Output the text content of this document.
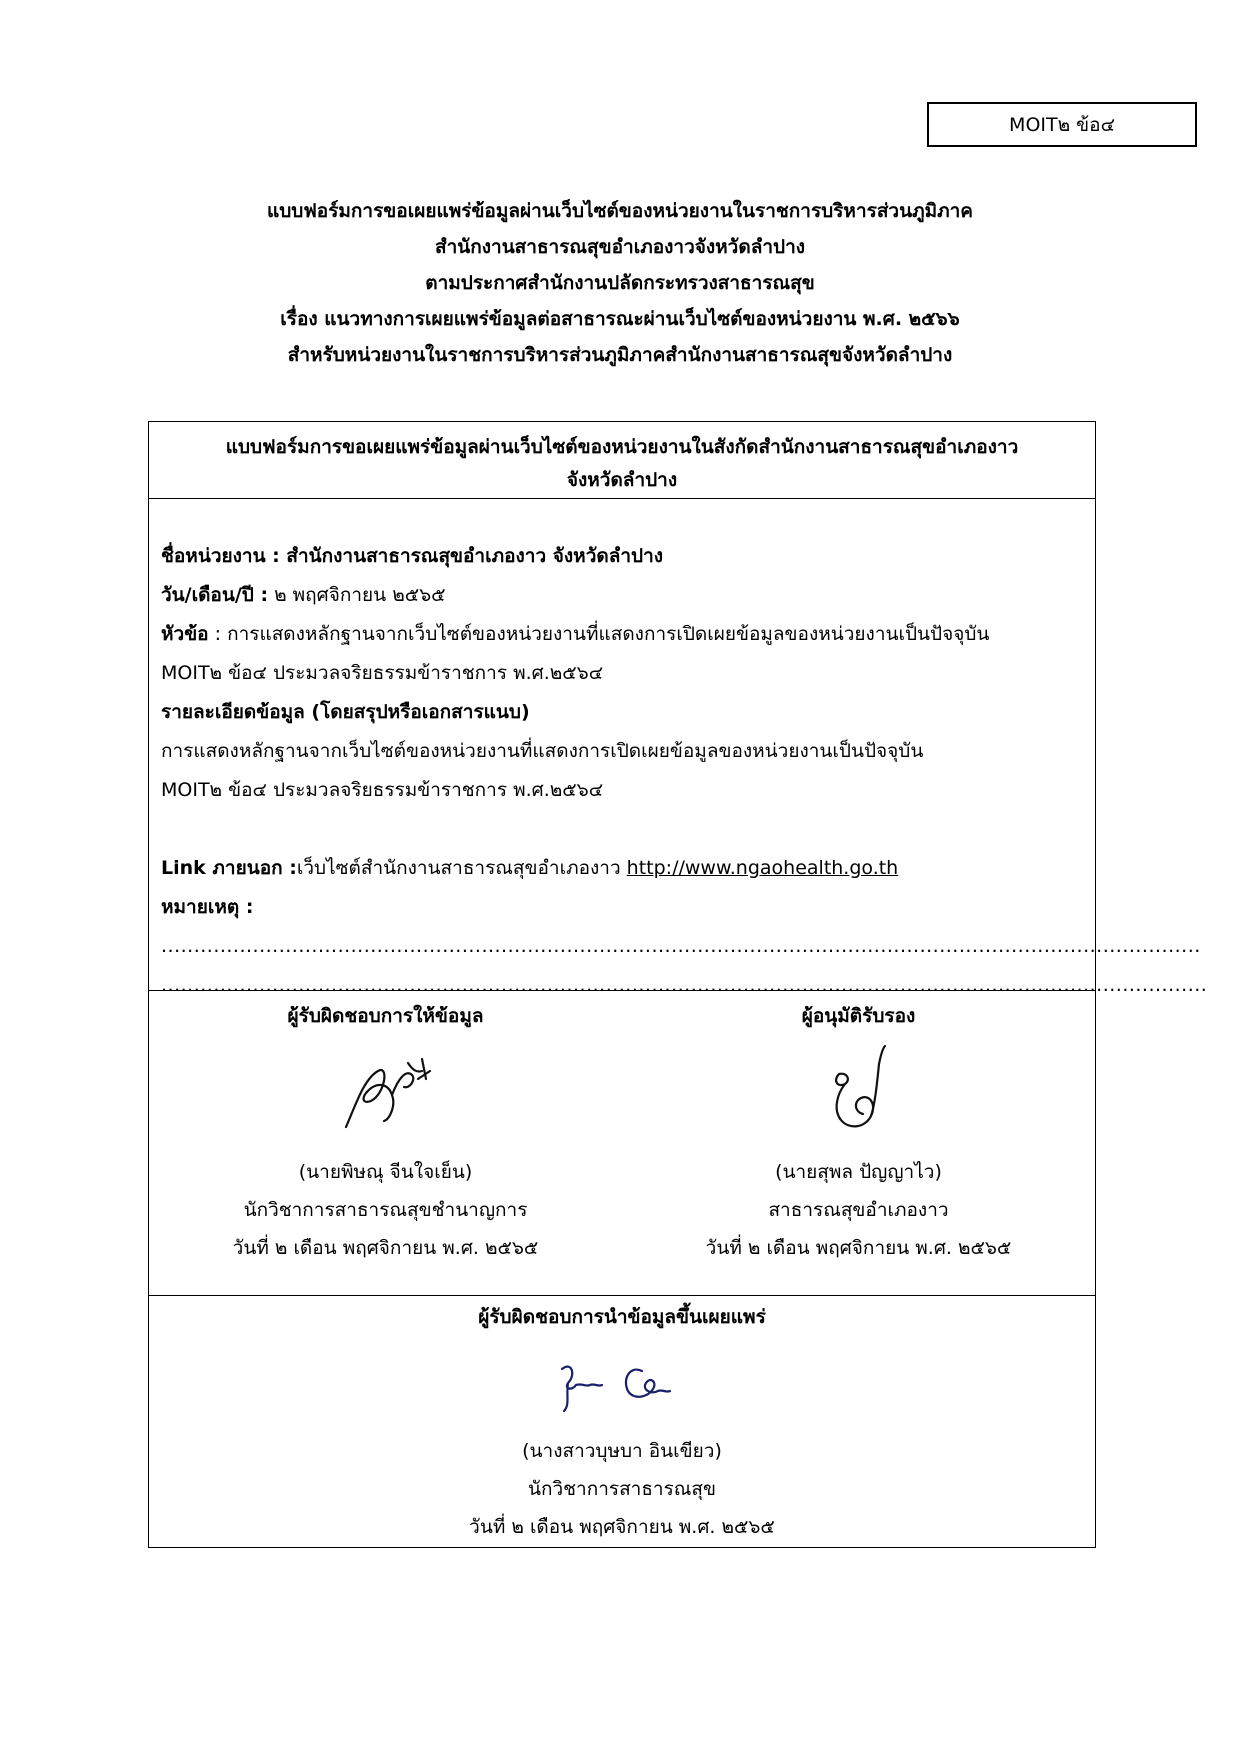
MOIT๒ ข้อ๔
แบบฟอร์มการขอเผยแพร่ข้อมูลผ่านเว็บไซต์ของหน่วยงานในราชการบริหารส่วนภูมิภาค
สำนักงานสาธารณสุขอำเภองาวจังหวัดลำปาง
ตามประกาศสำนักงานปลัดกระทรวงสาธารณสุข
เรื่อง แนวทางการเผยแพร่ข้อมูลต่อสาธารณะผ่านเว็บไซต์ของหน่วยงาน พ.ศ. ๒๕๖๖
สำหรับหน่วยงานในราชการบริหารส่วนภูมิภาคสำนักงานสาธารณสุขจังหวัดลำปาง
แบบฟอร์มการขอเผยแพร่ข้อมูลผ่านเว็บไซต์ของหน่วยงานในสังกัดสำนักงานสาธารณสุขอำเภองาว
จังหวัดลำปาง
ชื่อหน่วยงาน : สำนักงานสาธารณสุขอำเภองาว จังหวัดลำปาง
วัน/เดือน/ปี : ๒ พฤศจิกายน ๒๕๖๕
หัวข้อ : การแสดงหลักฐานจากเว็บไซต์ของหน่วยงานที่แสดงการเปิดเผยข้อมูลของหน่วยงานเป็นปัจจุบัน
MOIT๒ ข้อ๔ ประมวลจริยธรรมข้าราชการ พ.ศ.๒๕๖๔
รายละเอียดข้อมูล (โดยสรุปหรือเอกสารแนบ)
การแสดงหลักฐานจากเว็บไซต์ของหน่วยงานที่แสดงการเปิดเผยข้อมูลของหน่วยงานเป็นปัจจุบัน
MOIT๒ ข้อ๔ ประมวลจริยธรรมข้าราชการ พ.ศ.๒๕๖๔
Link ภายนอก :เว็บไซต์สำนักงานสาธารณสุขอำเภองาว http://www.ngaohealth.go.th
หมายเหตุ :
...............................................................................................................................................................
................................................................................................................................................................
ผู้รับผิดชอบการให้ข้อมูล
(นายพิษณุ จีนใจเย็น)
นักวิชาการสาธารณสุขชำนาญการ
วันที่ ๒ เดือน พฤศจิกายน พ.ศ. ๒๕๖๕
ผู้อนุมัติรับรอง
(นายสุพล ปัญญาไว)
สาธารณสุขอำเภองาว
วันที่ ๒ เดือน พฤศจิกายน พ.ศ. ๒๕๖๕
ผู้รับผิดชอบการนำข้อมูลขึ้นเผยแพร่
(นางสาวบุษบา อินเขียว)
นักวิชาการสาธารณสุข
วันที่ ๒ เดือน พฤศจิกายน พ.ศ. ๒๕๖๕
